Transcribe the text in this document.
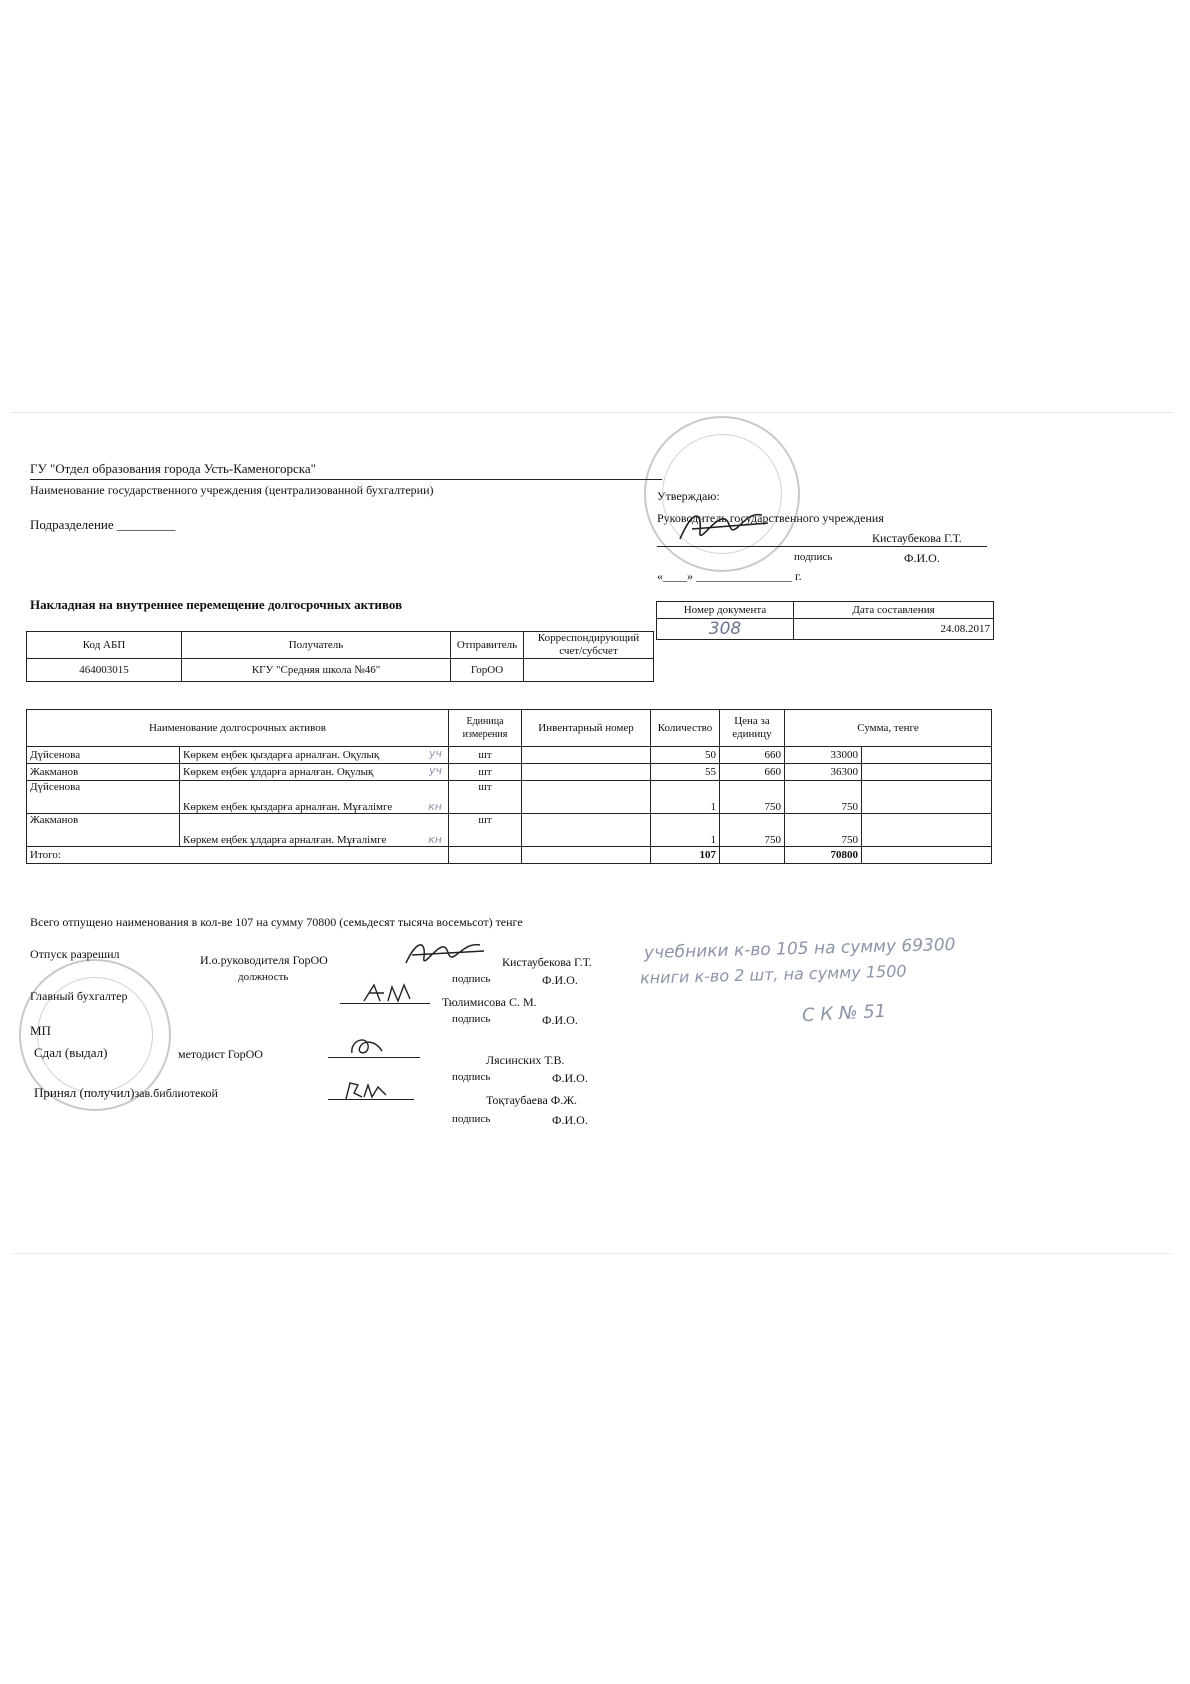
ГУ "Отдел образования города Усть-Каменогорска"
Наименование государственного учреждения (централизованной бухгалтерии)
Подразделение _________
Утверждаю:
Руководитель государственного учреждения
Кистаубекова Г.Т.
подпись	Ф.И.О.
«____» ________________ г.
Накладная на внутреннее перемещение долгосрочных активов	Номер документа	Дата составления
308	24.08.2017
Код АБП	Получатель	Отправитель	Корреспондирующий счет/субсчет
464003015	КГУ "Средняя школа №46"	ГорОО	
Наименование долгосрочных активов		Единица измерения	Инвентарный номер	Количество	Цена за единицу	Сумма, тенге	
Дүйсенова	Көркем еңбек қыздарға арналған. Оқулық уч	шт		50	660	33000	
Жакманов	Көркем еңбек ұлдарға арналған. Оқулық уч	шт		55	660	36300	
Дүйсенова	Көркем еңбек қыздарға арналған. Мұғалімге кн	шт		1	750	750	
Жакманов	Көркем еңбек ұлдарға арналған. Мұғалімге кн	шт		1	750	750	
Итого:				107		70800	
Всего отпущено наименования в кол-ве 107 на сумму 70800 (семьдесят тысяча восемьсот) тенге
учебники к-во 105 на сумму 69300
книги к-во 2 шт, на сумму 1500
С К № 51
Отпуск разрешил	И.о.руководителя ГорОО
должность
Кистаубекова Г.Т.
подпись	Ф.И.О.
Главный бухгалтер	Тюлимисова С. М.
подпись	Ф.И.О.
МП
Сдал (выдал)	методист ГорОО	Лясинских Т.В.
подпись	Ф.И.О.
Принял (получил)зав.библиотекой	Тоқтаубаева Ф.Ж.
подпись	Ф.И.О.
